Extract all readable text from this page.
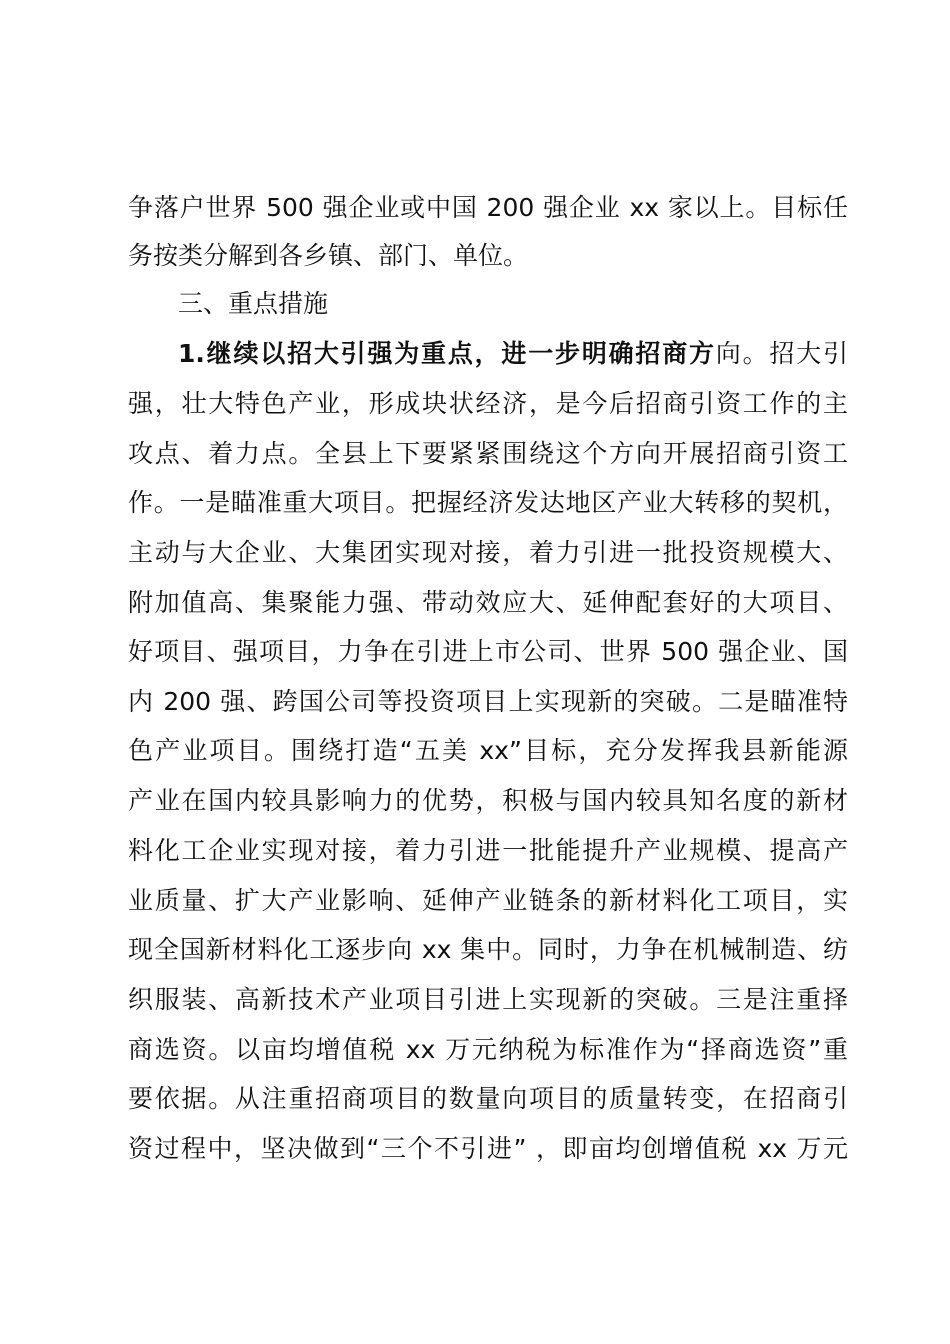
争落户世界 500 强企业或中国 200 强企业 xx 家以上。目标任
务按类分解到各乡镇、部门、单位。
三、重点措施
1.继续以招大引强为重点，进一步明确招商方向。招大引
强，壮大特色产业，形成块状经济，是今后招商引资工作的主
攻点、着力点。全县上下要紧紧围绕这个方向开展招商引资工
作。一是瞄准重大项目。把握经济发达地区产业大转移的契机，
主动与大企业、大集团实现对接，着力引进一批投资规模大、
附加值高、集聚能力强、带动效应大、延伸配套好的大项目、
好项目、强项目，力争在引进上市公司、世界 500 强企业、国
内 200 强、跨国公司等投资项目上实现新的突破。二是瞄准特
色产业项目。围绕打造“五美 xx”目标，充分发挥我县新能源
产业在国内较具影响力的优势，积极与国内较具知名度的新材
料化工企业实现对接，着力引进一批能提升产业规模、提高产
业质量、扩大产业影响、延伸产业链条的新材料化工项目，实
现全国新材料化工逐步向 xx 集中。同时，力争在机械制造、纺
织服装、高新技术产业项目引进上实现新的突破。三是注重择
商选资。以亩均增值税 xx 万元纳税为标准作为“择商选资”重
要依据。从注重招商项目的数量向项目的质量转变，在招商引
资过程中，坚决做到“三个不引进” ，即亩均创增值税 xx 万元
